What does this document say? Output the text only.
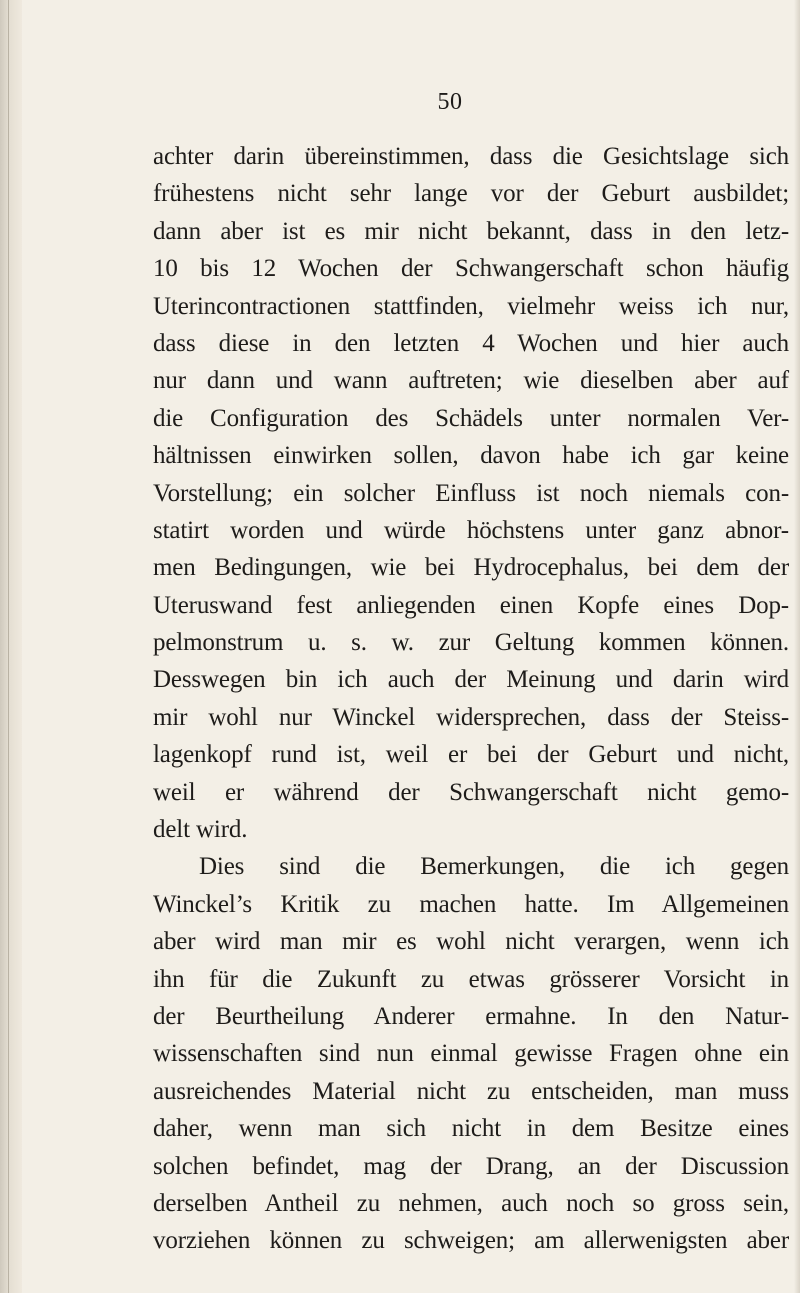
50
achter darin übereinstimmen, dass die Gesichtslage sich
frühestens nicht sehr lange vor der Geburt ausbildet;
dann aber ist es mir nicht bekannt, dass in den letz-
10 bis 12 Wochen der Schwangerschaft schon häufig
Uterincontractionen stattfinden, vielmehr weiss ich nur,
dass diese in den letzten 4 Wochen und hier auch
nur dann und wann auftreten; wie dieselben aber auf
die Configuration des Schädels unter normalen Ver-
hältnissen einwirken sollen, davon habe ich gar keine
Vorstellung; ein solcher Einfluss ist noch niemals con-
statirt worden und würde höchstens unter ganz abnor-
men Bedingungen, wie bei Hydrocephalus, bei dem der
Uteruswand fest anliegenden einen Kopfe eines Dop-
pelmonstrum u. s. w. zur Geltung kommen können.
Desswegen bin ich auch der Meinung und darin wird
mir wohl nur Winckel widersprechen, dass der Steiss-
lagenkopf rund ist, weil er bei der Geburt und nicht,
weil er während der Schwangerschaft nicht gemo-
delt wird.
Dies sind die Bemerkungen, die ich gegen
Winckel’s Kritik zu machen hatte. Im Allgemeinen
aber wird man mir es wohl nicht verargen, wenn ich
ihn für die Zukunft zu etwas grösserer Vorsicht in
der Beurtheilung Anderer ermahne. In den Natur-
wissenschaften sind nun einmal gewisse Fragen ohne ein
ausreichendes Material nicht zu entscheiden, man muss
daher, wenn man sich nicht in dem Besitze eines
solchen befindet, mag der Drang, an der Discussion
derselben Antheil zu nehmen, auch noch so gross sein,
vorziehen können zu schweigen; am allerwenigsten aber
